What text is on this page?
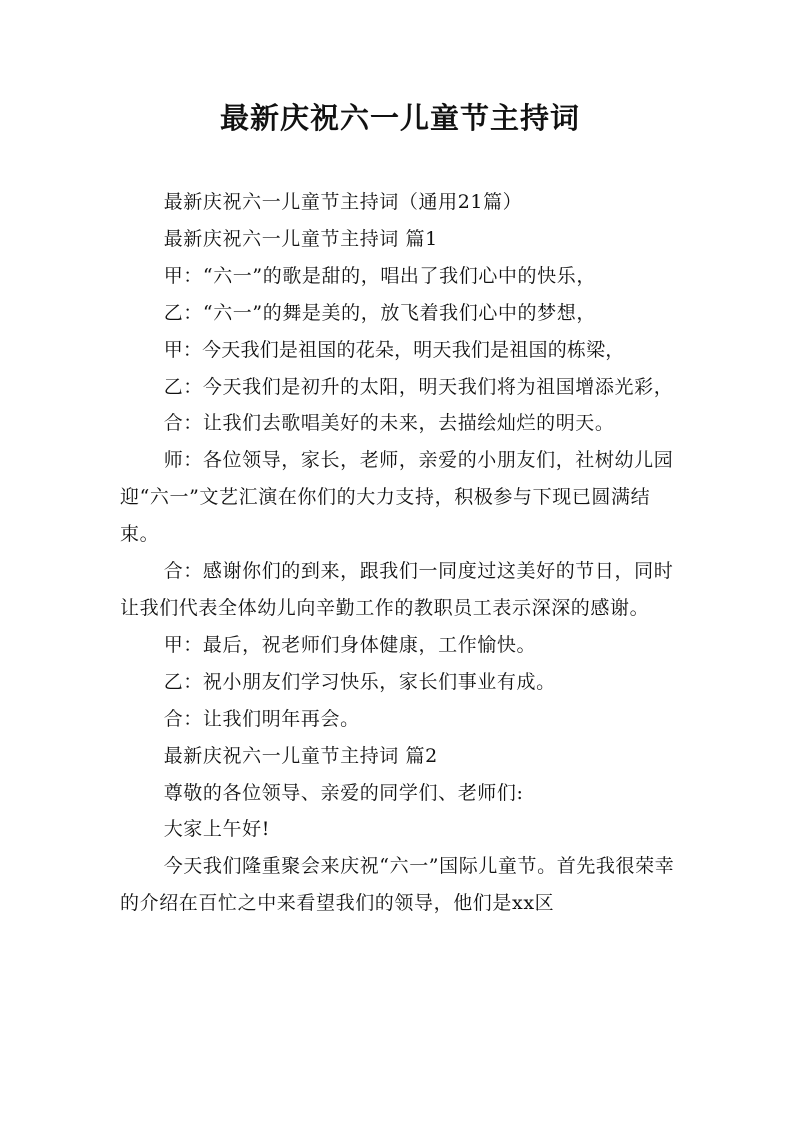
最新庆祝六一儿童节主持词

最新庆祝六一儿童节主持词（通用21篇）

最新庆祝六一儿童节主持词 篇1

甲：“六一”的歌是甜的，唱出了我们心中的快乐，

乙：“六一”的舞是美的，放飞着我们心中的梦想，

甲：今天我们是祖国的花朵，明天我们是祖国的栋梁，

乙：今天我们是初升的太阳，明天我们将为祖国增添光彩，

合：让我们去歌唱美好的未来，去描绘灿烂的明天。

师：各位领导，家长，老师，亲爱的小朋友们，社树幼儿园迎“六一”文艺汇演在你们的大力支持，积极参与下现已圆满结束。

合：感谢你们的到来，跟我们一同度过这美好的节日，同时让我们代表全体幼儿向辛勤工作的教职员工表示深深的感谢。

甲：最后，祝老师们身体健康，工作愉快。

乙：祝小朋友们学习快乐，家长们事业有成。

合：让我们明年再会。

最新庆祝六一儿童节主持词 篇2

尊敬的各位领导、亲爱的同学们、老师们:

大家上午好!

今天我们隆重聚会来庆祝“六一”国际儿童节。首先我很荣幸的介绍在百忙之中来看望我们的领导，他们是xx区
